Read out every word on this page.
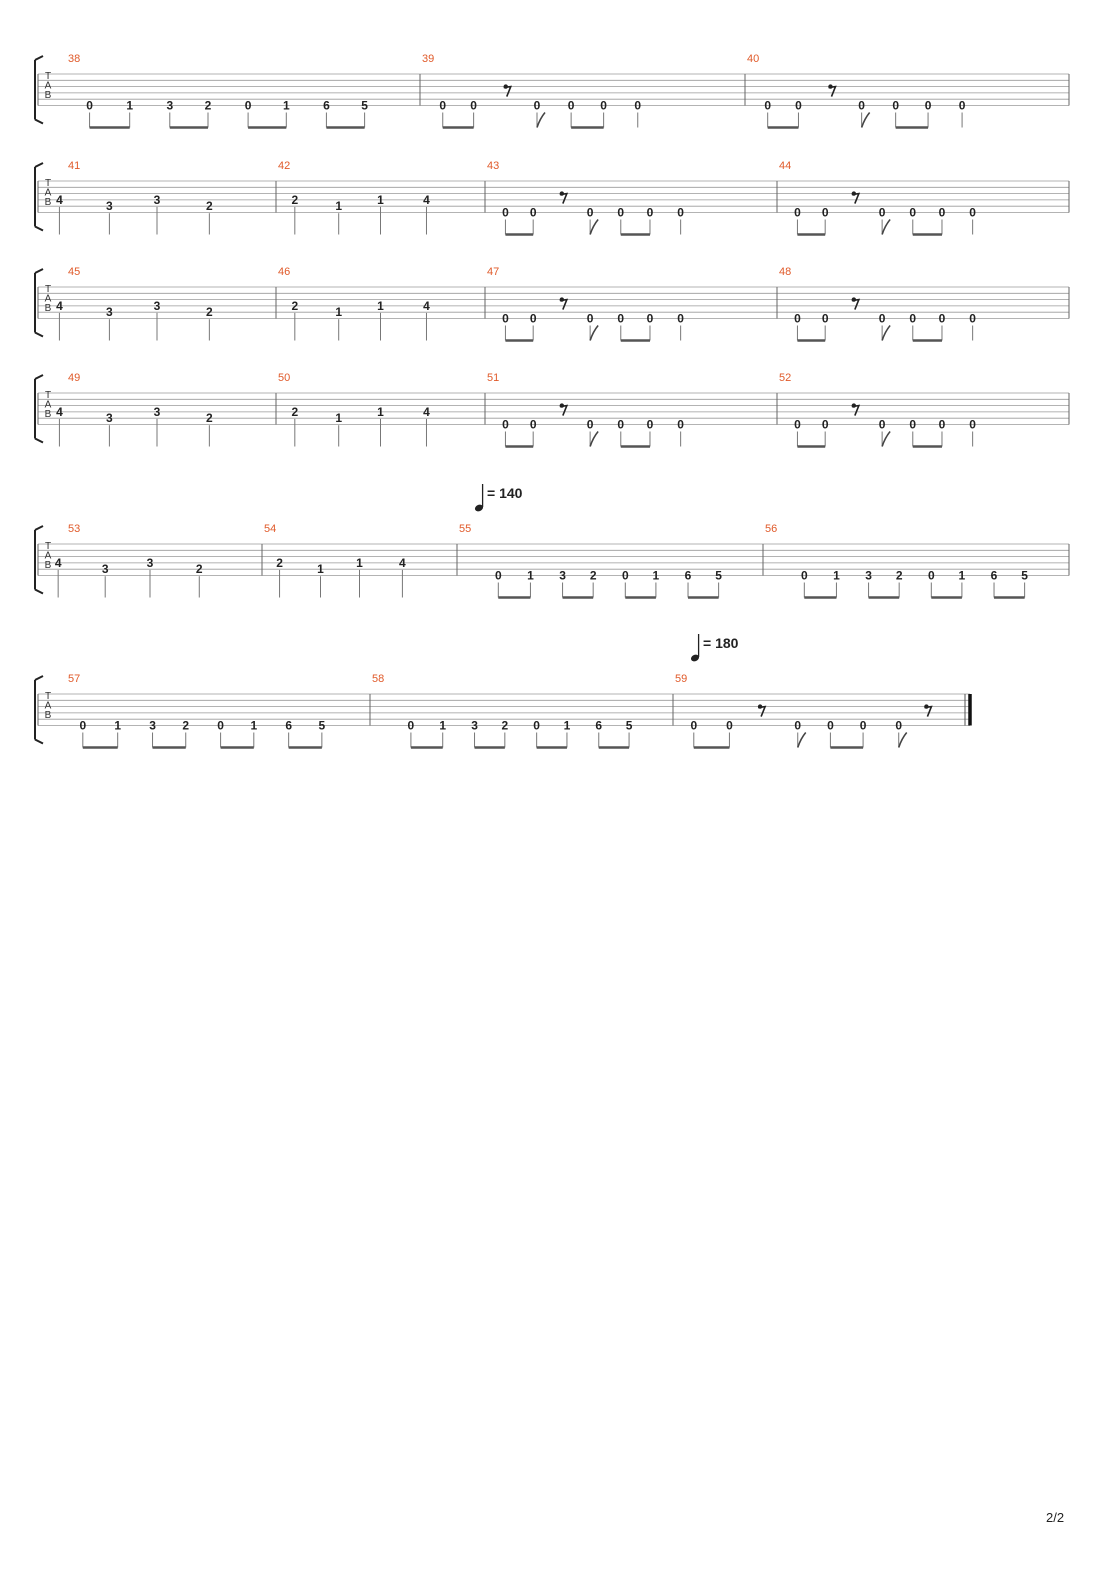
T
A
B
38
0	1	3	2	0	1	6	5
39
0 0	0 0 0 0
40
0 0	0 0 0 0
T
A
B
41
4	3	3	2
42
2	1	1	4
43
0 0	0 0 0 0
44
0 0	0 0 0 0
T
A
B
45
4	3	3	2
46
2	1	1	4
47
0 0	0 0 0 0
48
0 0	0 0 0 0
T
A
B
49
4	3	3	2
50
2	1	1	4
51
0 0	0 0 0 0
52
0 0	0 0 0 0
T
A
B
53
4	3	3	2
54
2	1	1	4
55
0 1 3 2 0 1 6 5
56
0 1 3 2 0 1 6 5
T
A
B
57
0 1 3 2 0 1 6 5
58
0 1 3 2 0 1 6 5
59
0 0	0 0 0 0
= 140
= 180
2/2
